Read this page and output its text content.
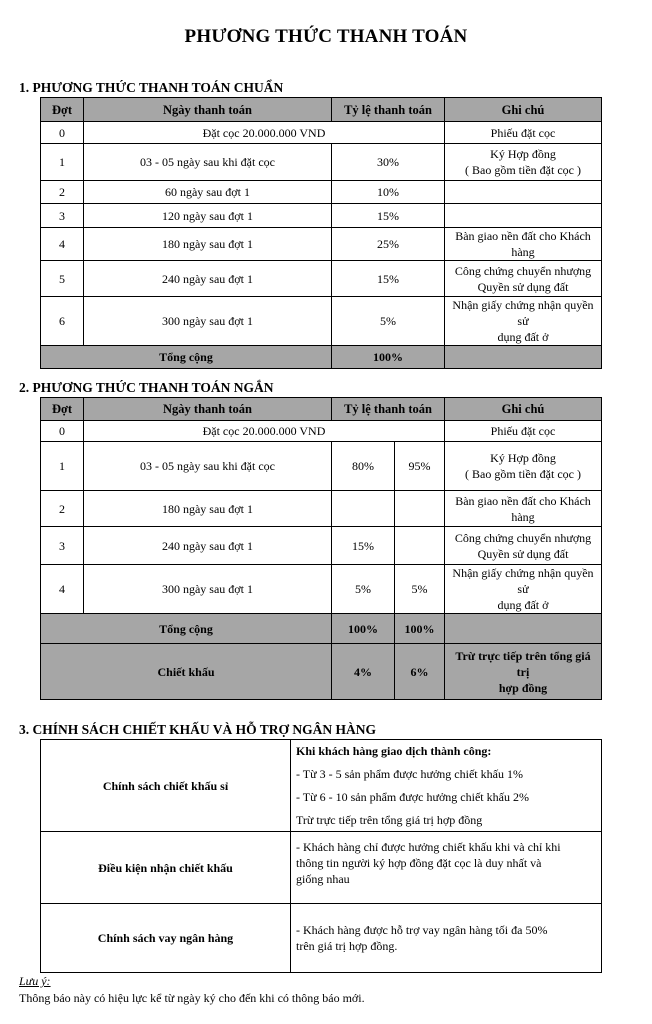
PHƯƠNG THỨC THANH TOÁN
1. PHƯƠNG THỨC THANH TOÁN CHUẨN
Đợt	Ngày thanh toán	Tỷ lệ thanh toán	Ghi chú
0	Đặt cọc 20.000.000 VND		Phiếu đặt cọc
1	03 - 05 ngày sau khi đặt cọc	30%	Ký Hợp đồng
( Bao gồm tiền đặt cọc )

2	60 ngày sau đợt 1	10%	
3	120 ngày sau đợt 1	15%	
4	180 ngày sau đợt 1	25%	Bàn giao nền đất cho Khách hàng
5	240 ngày sau đợt 1	15%	Công chứng chuyển nhượng
Quyền sử dụng đất

6	300 ngày sau đợt 1	5%	Nhận giấy chứng nhận quyền sử
dụng đất ở

Tổng cộng		100%	
2. PHƯƠNG THỨC THANH TOÁN NGẮN
Đợt	Ngày thanh toán	Tỷ lệ thanh toán		Ghi chú
0	Đặt cọc 20.000.000 VND			Phiếu đặt cọc
1	03 - 05 ngày sau khi đặt cọc	80%	95%	Ký Hợp đồng
( Bao gồm tiền đặt cọc )

2	180 ngày sau đợt 1			Bàn giao nền đất cho Khách hàng
3	240 ngày sau đợt 1	15%		Công chứng chuyển nhượng
Quyền sử dụng đất

4	300 ngày sau đợt 1	5%	5%	Nhận giấy chứng nhận quyền sử
dụng đất ở

Tổng cộng		100%	100%	
Chiết khấu		4%	6%	Trừ trực tiếp trên tổng giá trị
hợp đồng
3. CHÍNH SÁCH CHIẾT KHẤU VÀ HỖ TRỢ NGÂN HÀNG
Chính sách chiết khấu sỉ	Khi khách hàng giao dịch thành công:
- Từ 3 - 5 sản phẩm được hưởng chiết khấu 1%
- Từ 6 - 10 sản phẩm được hưởng chiết khấu 2%
Trừ trực tiếp trên tổng giá trị hợp đồng

Điều kiện nhận chiết khấu	- Khách hàng chỉ được hưởng chiết khấu khi và chỉ khi
thông tin người ký hợp đồng đặt cọc là duy nhất và
giống nhau

Chính sách vay ngân hàng	- Khách hàng được hỗ trợ vay ngân hàng tối đa 50%
trên giá trị hợp đồng.
Lưu ý:
Thông báo này có hiệu lực kể từ ngày ký cho đến khi có thông báo mới.
